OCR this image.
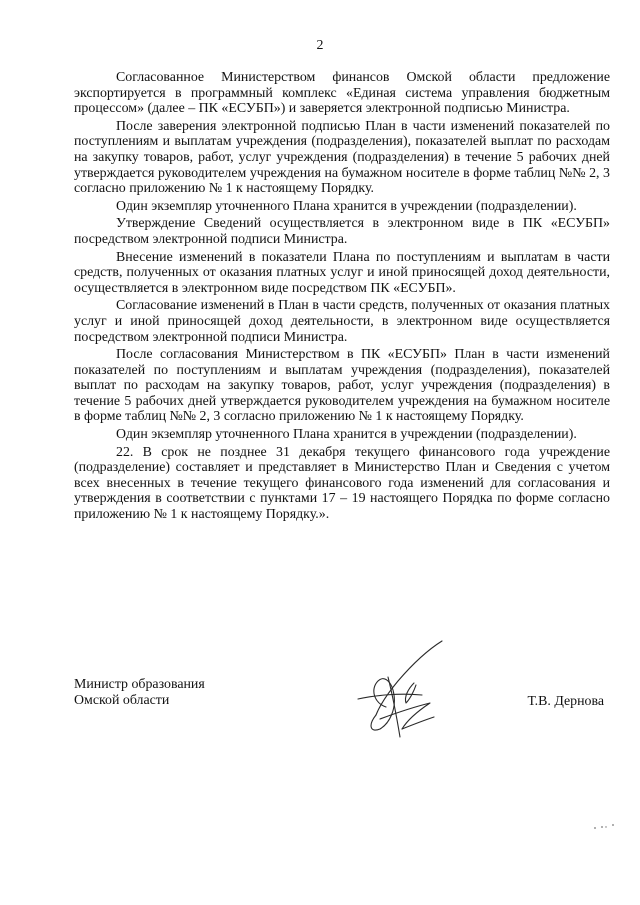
2

Согласованное Министерством финансов Омской области предложение экспортируется в программный комплекс «Единая система управления бюджетным процессом» (далее – ПК «ЕСУБП») и заверяется электронной подписью Министра.

После заверения электронной подписью План в части изменений показателей по поступлениям и выплатам учреждения (подразделения), показателей выплат по расходам на закупку товаров, работ, услуг учреждения (подразделения) в течение 5 рабочих дней утверждается руководителем учреждения на бумажном носителе в форме таблиц №№ 2, 3 согласно приложению № 1 к настоящему Порядку.

Один экземпляр уточненного Плана хранится в учреждении (подразделении).

Утверждение Сведений осуществляется в электронном виде в ПК «ЕСУБП» посредством электронной подписи Министра.

Внесение изменений в показатели Плана по поступлениям и выплатам в части средств, полученных от оказания платных услуг и иной приносящей доход деятельности, осуществляется в электронном виде посредством ПК «ЕСУБП».

Согласование изменений в План в части средств, полученных от оказания платных услуг и иной приносящей доход деятельности, в электронном виде осуществляется посредством электронной подписи Министра.

После согласования Министерством в ПК «ЕСУБП» План в части изменений показателей по поступлениям и выплатам учреждения (подразделения), показателей выплат по расходам на закупку товаров, работ, услуг учреждения (подразделения) в течение 5 рабочих дней утверждается руководителем учреждения на бумажном носителе в форме таблиц №№ 2, 3 согласно приложению № 1 к настоящему Порядку.

Один экземпляр уточненного Плана хранится в учреждении (подразделении).

22. В срок не позднее 31 декабря текущего финансового года учреждение (подразделение) составляет и представляет в Министерство План и Сведения с учетом всех внесенных в течение текущего финансового года изменений для согласования и утверждения в соответствии с пунктами 17 – 19 настоящего Порядка по форме согласно приложению № 1 к настоящему Порядку.».

Министр образования
Омской области	Т.В. Дернова
